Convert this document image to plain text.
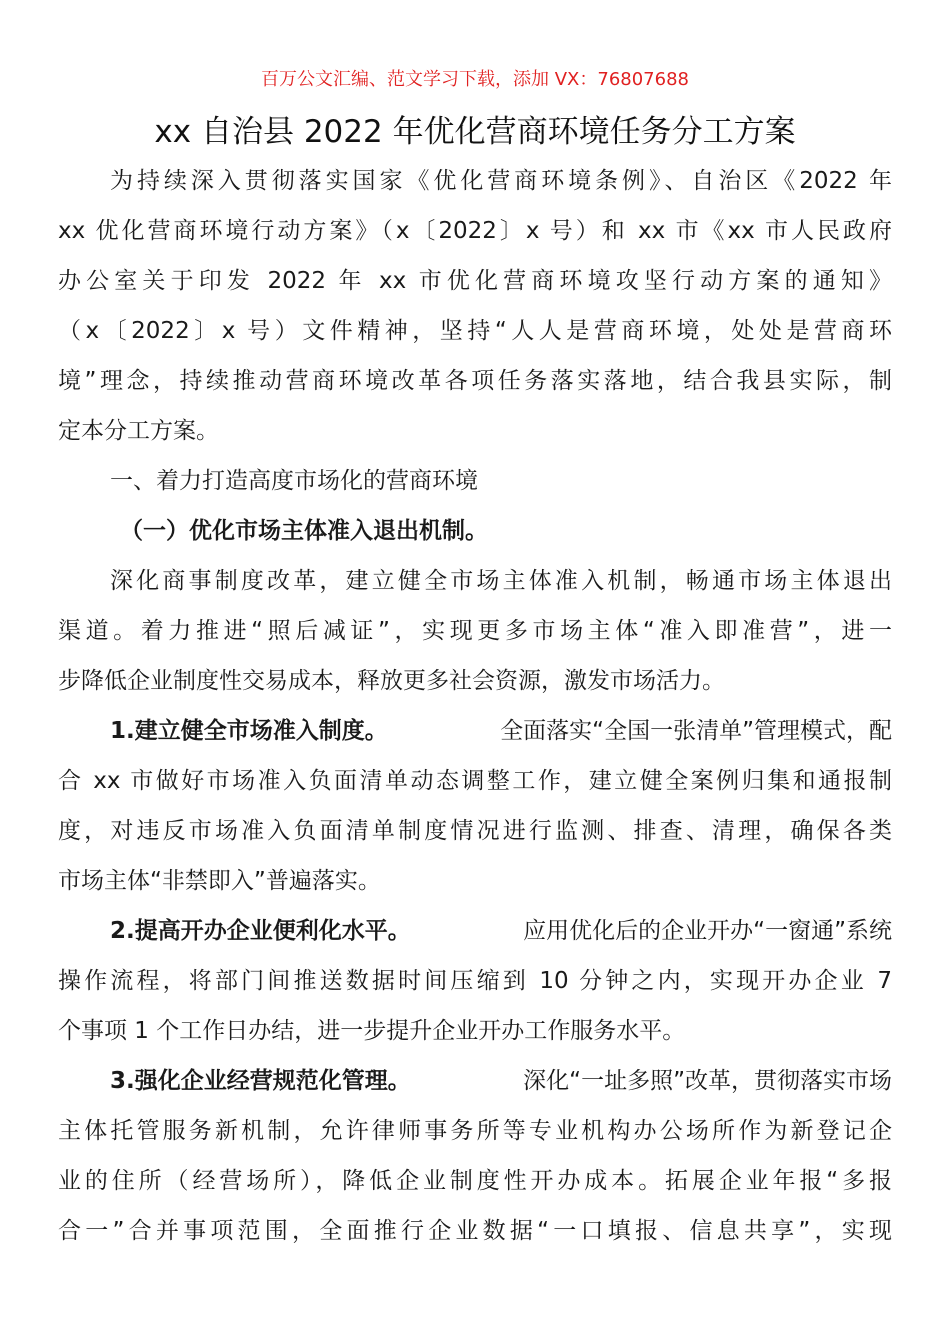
百万公文汇编、范文学习下载，添加 VX：76807688
xx 自治县 2022 年优化营商环境任务分工方案
为持续深入贯彻落实国家《优化营商环境条例》、自治区《2022 年
xx 优化营商环境行动方案》（x〔2022〕x 号）和 xx 市《xx 市人民政府
办公室关于印发 2022 年 xx 市优化营商环境攻坚行动方案的通知》
（x〔2022〕x 号）文件精神，坚持“人人是营商环境，处处是营商环
境”理念，持续推动营商环境改革各项任务落实落地，结合我县实际，制
定本分工方案。
一、着力打造高度市场化的营商环境
（一）优化市场主体准入退出机制。
深化商事制度改革，建立健全市场主体准入机制，畅通市场主体退出
渠道。着力推进“照后减证”，实现更多市场主体“准入即准营”，进一
步降低企业制度性交易成本，释放更多社会资源，激发市场活力。
1.建立健全市场准入制度。	全面落实“全国一张清单”管理模式，配
合 xx 市做好市场准入负面清单动态调整工作，建立健全案例归集和通报制
度，对违反市场准入负面清单制度情况进行监测、排查、清理，确保各类
市场主体“非禁即入”普遍落实。
2.提高开办企业便利化水平。	应用优化后的企业开办“一窗通”系统
操作流程，将部门间推送数据时间压缩到 10 分钟之内，实现开办企业 7
个事项 1 个工作日办结，进一步提升企业开办工作服务水平。
3.强化企业经营规范化管理。	深化“一址多照”改革，贯彻落实市场
主体托管服务新机制，允许律师事务所等专业机构办公场所作为新登记企
业的住所（经营场所），降低企业制度性开办成本。拓展企业年报“多报
合一”合并事项范围，全面推行企业数据“一口填报、信息共享”，实现
